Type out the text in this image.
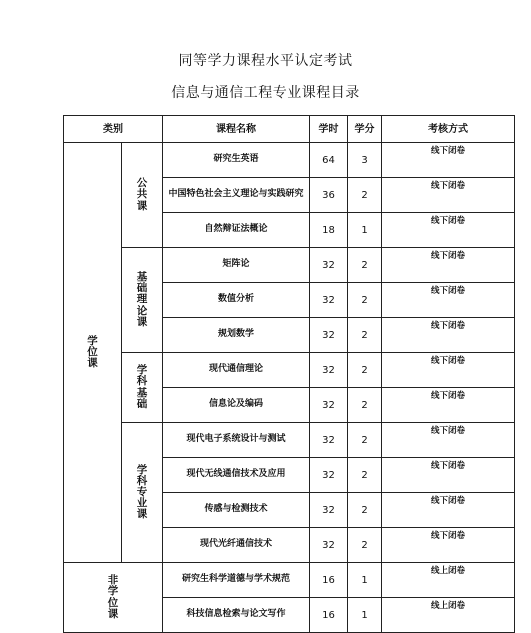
同等学力课程水平认定考试
信息与通信工程专业课程目录
类别		课程名称	学时	学分	考核方式
学位课	公共课	研究生英语	64	3	线下闭卷
		中国特色社会主义理论与实践研究	36	2	线下闭卷
		自然辩证法概论	18	1	线下闭卷
	基础理论课	矩阵论	32	2	线下闭卷
		数值分析	32	2	线下闭卷
		规划数学	32	2	线下闭卷
	学科基础	现代通信理论	32	2	线下闭卷
		信息论及编码	32	2	线下闭卷
	学科专业课	现代电子系统设计与测试	32	2	线下闭卷
		现代无线通信技术及应用	32	2	线下闭卷
		传感与检测技术	32	2	线下闭卷
		现代光纤通信技术	32	2	线下闭卷
非学位课		研究生科学道德与学术规范	16	1	线上闭卷
		科技信息检索与论文写作	16	1	线上闭卷
